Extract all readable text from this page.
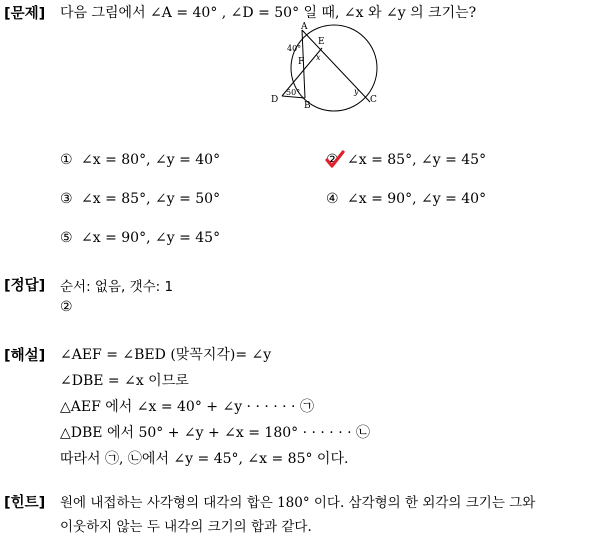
[문제] 다음 그림에서 ∠A = 40° , ∠D = 50° 일 때, ∠x 와 ∠y 의 크기는?
A
E
F
B
C
D
40°
50°
x
y
① ∠x = 80°, ∠y = 40°	② ∠x = 85°, ∠y = 45°
③ ∠x = 85°, ∠y = 50°	④ ∠x = 90°, ∠y = 40°
⑤ ∠x = 90°, ∠y = 45°
[정답] 순서: 없음, 갯수: 1
②
[해설] ∠AEF = ∠BED (맞꼭지각)= ∠y
∠DBE = ∠x 이므로
△AEF 에서 ∠x = 40° + ∠y · · · · · · ㉠
△DBE 에서 50° + ∠y + ∠x = 180° · · · · · · ㉡
따라서 ㉠, ㉡에서 ∠y = 45°, ∠x = 85° 이다.
[힌트] 원에 내접하는 사각형의 대각의 합은 180° 이다. 삼각형의 한 외각의 크기는 그와
이웃하지 않는 두 내각의 크기의 합과 같다.
